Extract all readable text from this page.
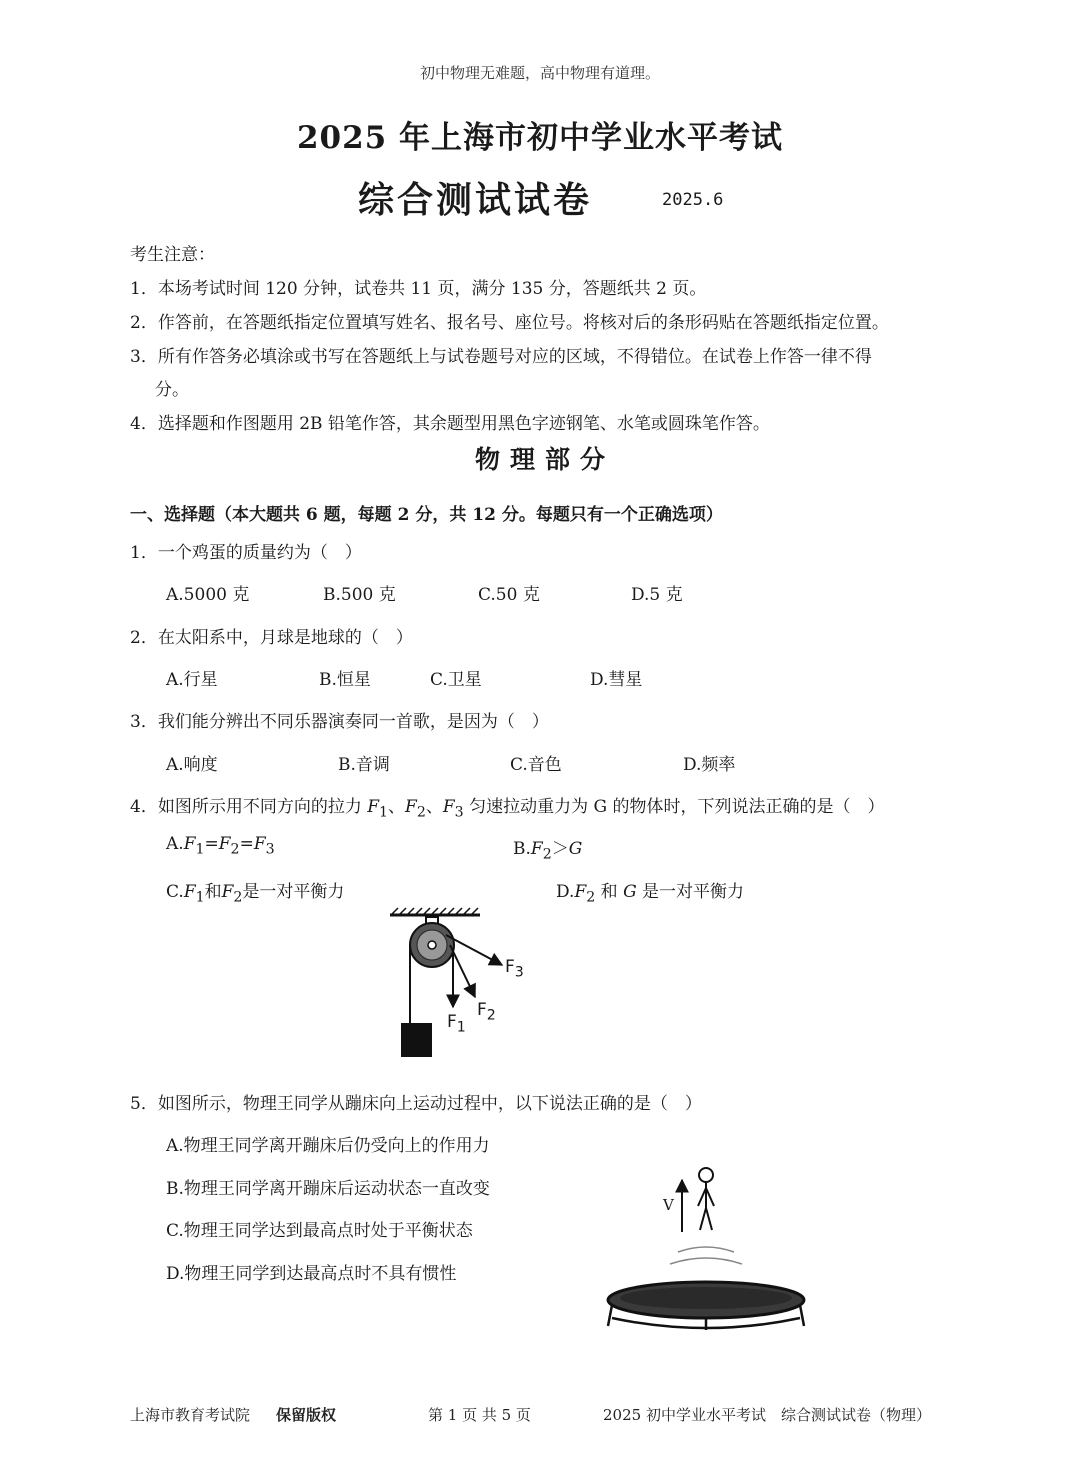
初中物理无难题，高中物理有道理。
2025 年上海市初中学业水平考试
综合测试试卷	2025.6
考生注意：
1．本场考试时间 120 分钟，试卷共 11 页，满分 135 分，答题纸共 2 页。
2．作答前，在答题纸指定位置填写姓名、报名号、座位号。将核对后的条形码贴在答题纸指定位置。
3．所有作答务必填涂或书写在答题纸上与试卷题号对应的区域，不得错位。在试卷上作答一律不得
分。
4．选择题和作图题用 2B 铅笔作答，其余题型用黑色字迹钢笔、水笔或圆珠笔作答。
物理部分
一、选择题（本大题共 6 题，每题 2 分，共 12 分。每题只有一个正确选项）
1．一个鸡蛋的质量约为（　）
A.5000 克	B.500 克	C.50 克	D.5 克
2．在太阳系中，月球是地球的（　）
A.行星	B.恒星	C.卫星	D.彗星
3．我们能分辨出不同乐器演奏同一首歌，是因为（　）
A.响度	B.音调	C.音色	D.频率
4．如图所示用不同方向的拉力 $F_1$、$F_2$、$F_3$ 匀速拉动重力为 G 的物体时，下列说法正确的是（　）
$A.F_1=F_2=F_3$	$B.F_2>G$
$C.F_1$和$F_2$是一对平衡力	$D.F_2$ 和 G 是一对平衡力
$F_1$
$F_2$
$F_3$
5．如图所示，物理王同学从蹦床向上运动过程中，以下说法正确的是（　）
A.物理王同学离开蹦床后仍受向上的作用力
B.物理王同学离开蹦床后运动状态一直改变
C.物理王同学达到最高点时处于平衡状态
D.物理王同学到达最高点时不具有惯性
V
上海市教育考试院 保留版权	第 1 页 共 5 页	2025 初中学业水平考试　综合测试试卷（物理）
